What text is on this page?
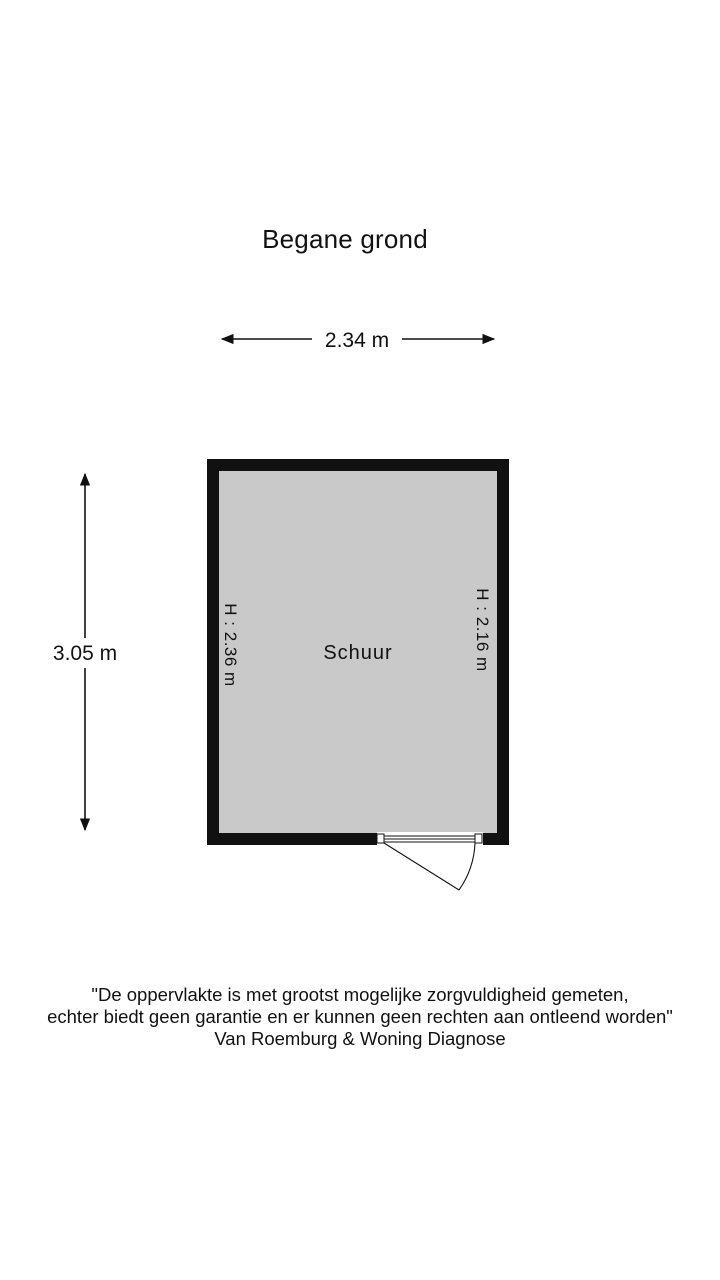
Begane grond
2.34 m
3.05 m	Schuur
H : 2.36 m	H : 2.16 m
"De oppervlakte is met grootst mogelijke zorgvuldigheid gemeten,
echter biedt geen garantie en er kunnen geen rechten aan ontleend worden"
Van Roemburg & Woning Diagnose
